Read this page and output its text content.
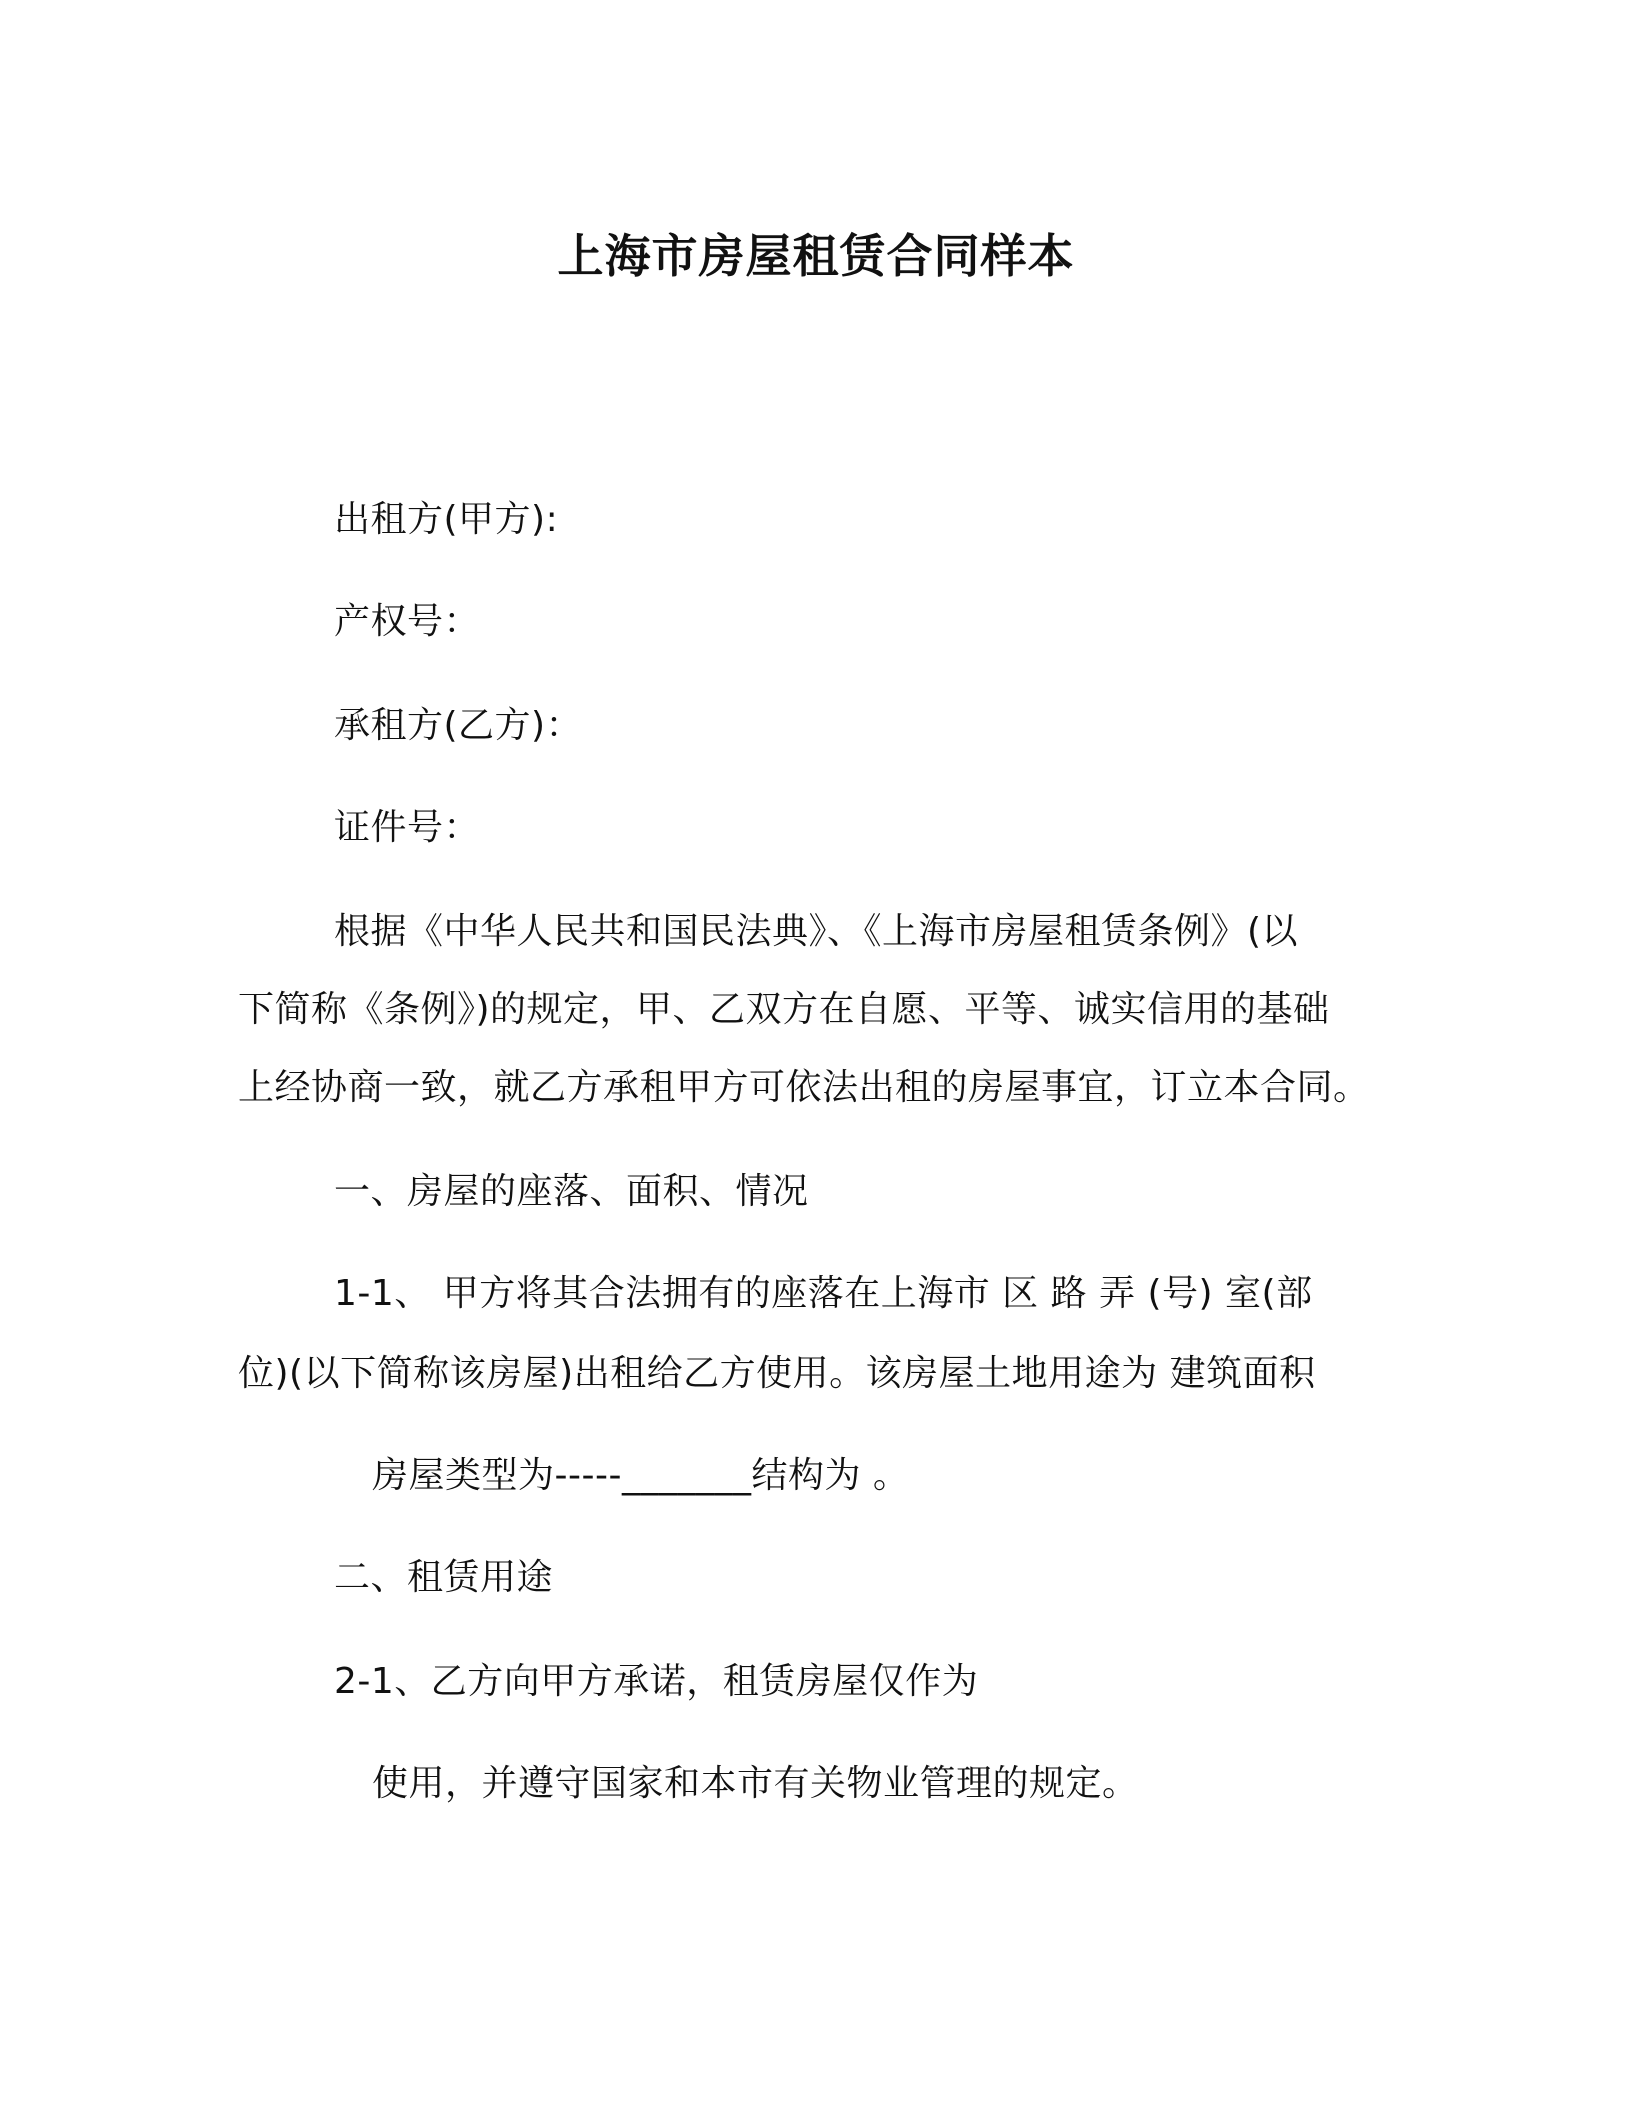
上海市房屋租赁合同样本
出租方(甲方):
产权号：
承租方(乙方)：
证件号：
根据《中华人民共和国民法典》、《上海市房屋租赁条例》(以
下简称《条例》)的规定，甲、乙双方在自愿、平等、诚实信用的基础
上经协商一致，就乙方承租甲方可依法出租的房屋事宜，订立本合同。
一、房屋的座落、面积、情况
1-1、 甲方将其合法拥有的座落在上海市 区 路 弄 (号) 室(部
位)(以下简称该房屋)出租给乙方使用。该房屋土地用途为 建筑面积
房屋类型为-----_______结构为 。
二、租赁用途
2-1、乙方向甲方承诺，租赁房屋仅作为
使用，并遵守国家和本市有关物业管理的规定。
